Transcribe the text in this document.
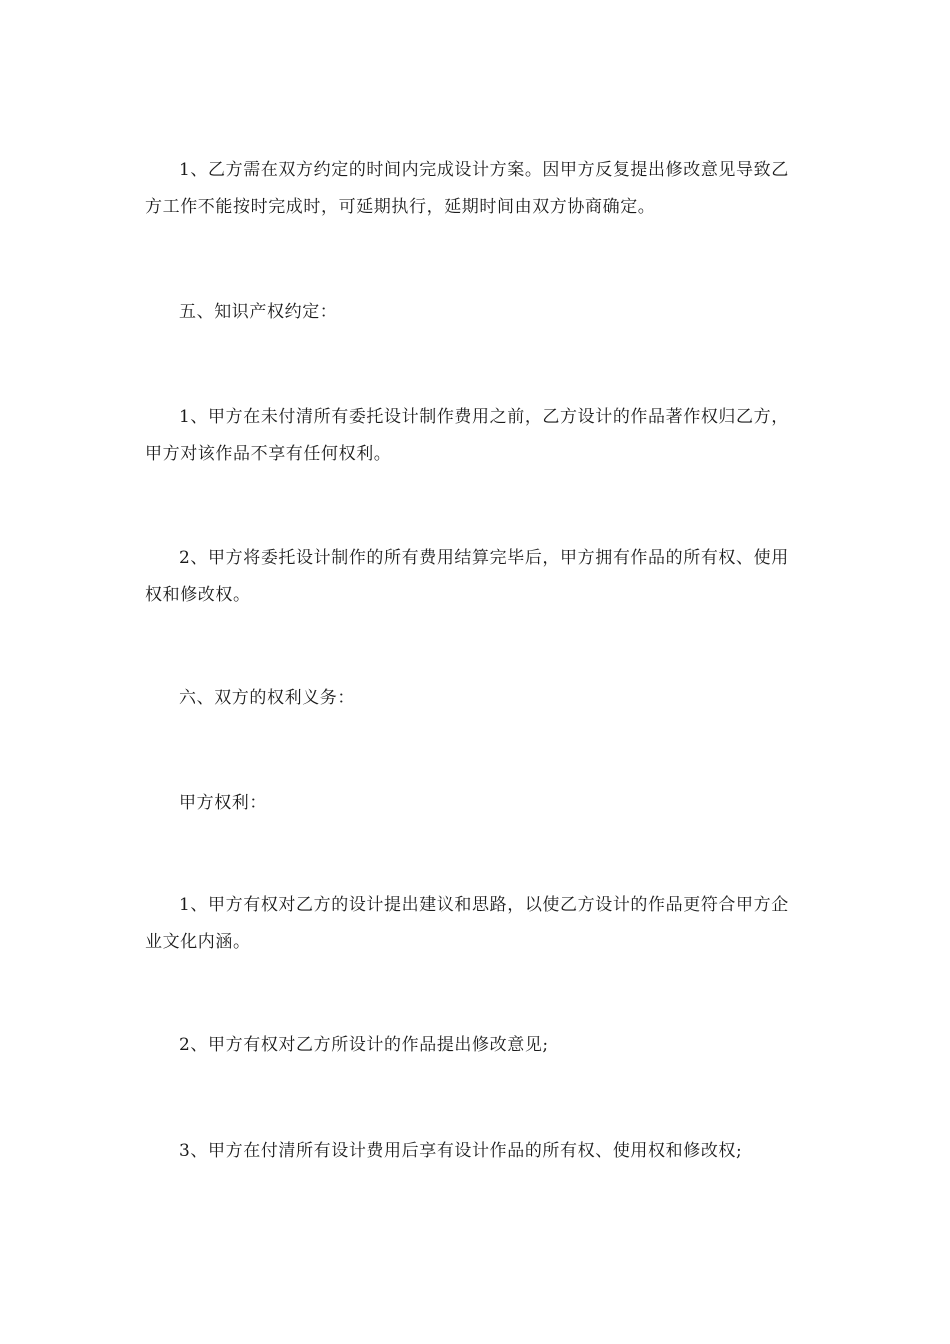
1、乙方需在双方约定的时间内完成设计方案。因甲方反复提出修改意见导致乙方工作不能按时完成时，可延期执行，延期时间由双方协商确定。

五、知识产权约定：

1、甲方在未付清所有委托设计制作费用之前，乙方设计的作品著作权归乙方，甲方对该作品不享有任何权利。

2、甲方将委托设计制作的所有费用结算完毕后，甲方拥有作品的所有权、使用权和修改权。

六、双方的权利义务：

甲方权利：

1、甲方有权对乙方的设计提出建议和思路，以使乙方设计的作品更符合甲方企业文化内涵。

2、甲方有权对乙方所设计的作品提出修改意见;

3、甲方在付清所有设计费用后享有设计作品的所有权、使用权和修改权;
